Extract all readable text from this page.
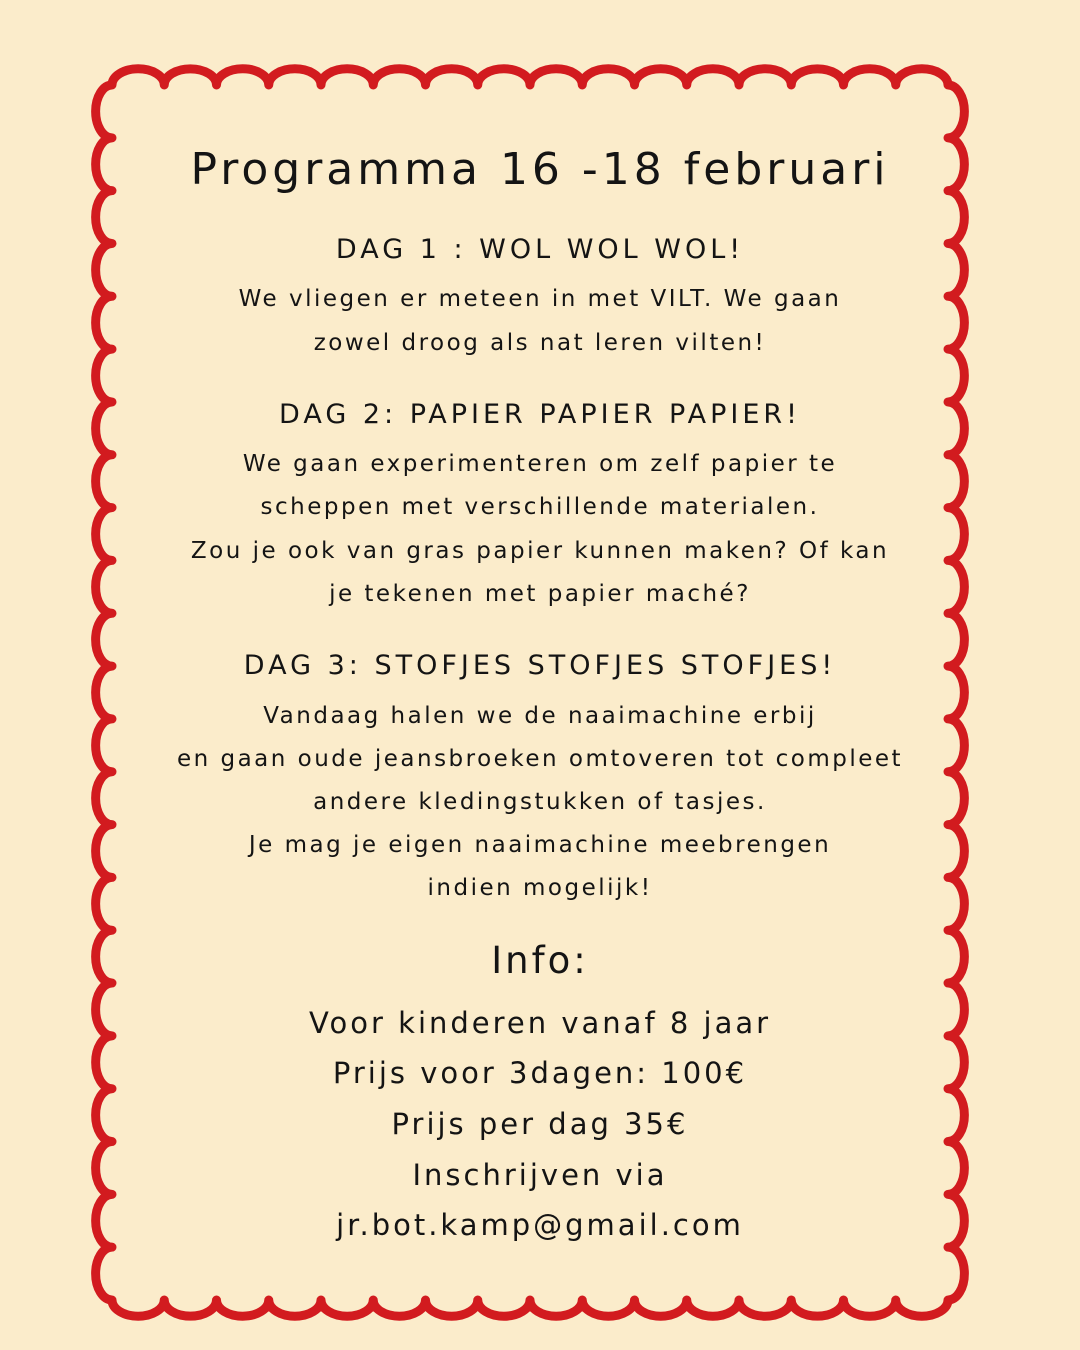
Programma 16 -18 februari
DAG 1 : WOL WOL WOL!
We vliegen er meteen in met VILT. We gaan
zowel droog als nat leren vilten!
DAG 2: PAPIER PAPIER PAPIER!
We gaan experimenteren om zelf papier te
scheppen met verschillende materialen.
Zou je ook van gras papier kunnen maken? Of kan
je tekenen met papier maché?
DAG 3: STOFJES STOFJES STOFJES!
Vandaag halen we de naaimachine erbij
en gaan oude jeansbroeken omtoveren tot compleet
andere kledingstukken of tasjes.
Je mag je eigen naaimachine meebrengen
indien mogelijk!
Info:
Voor kinderen vanaf 8 jaar
Prijs voor 3dagen: 100€
Prijs per dag 35€
Inschrijven via
jr.bot.kamp@gmail.com
